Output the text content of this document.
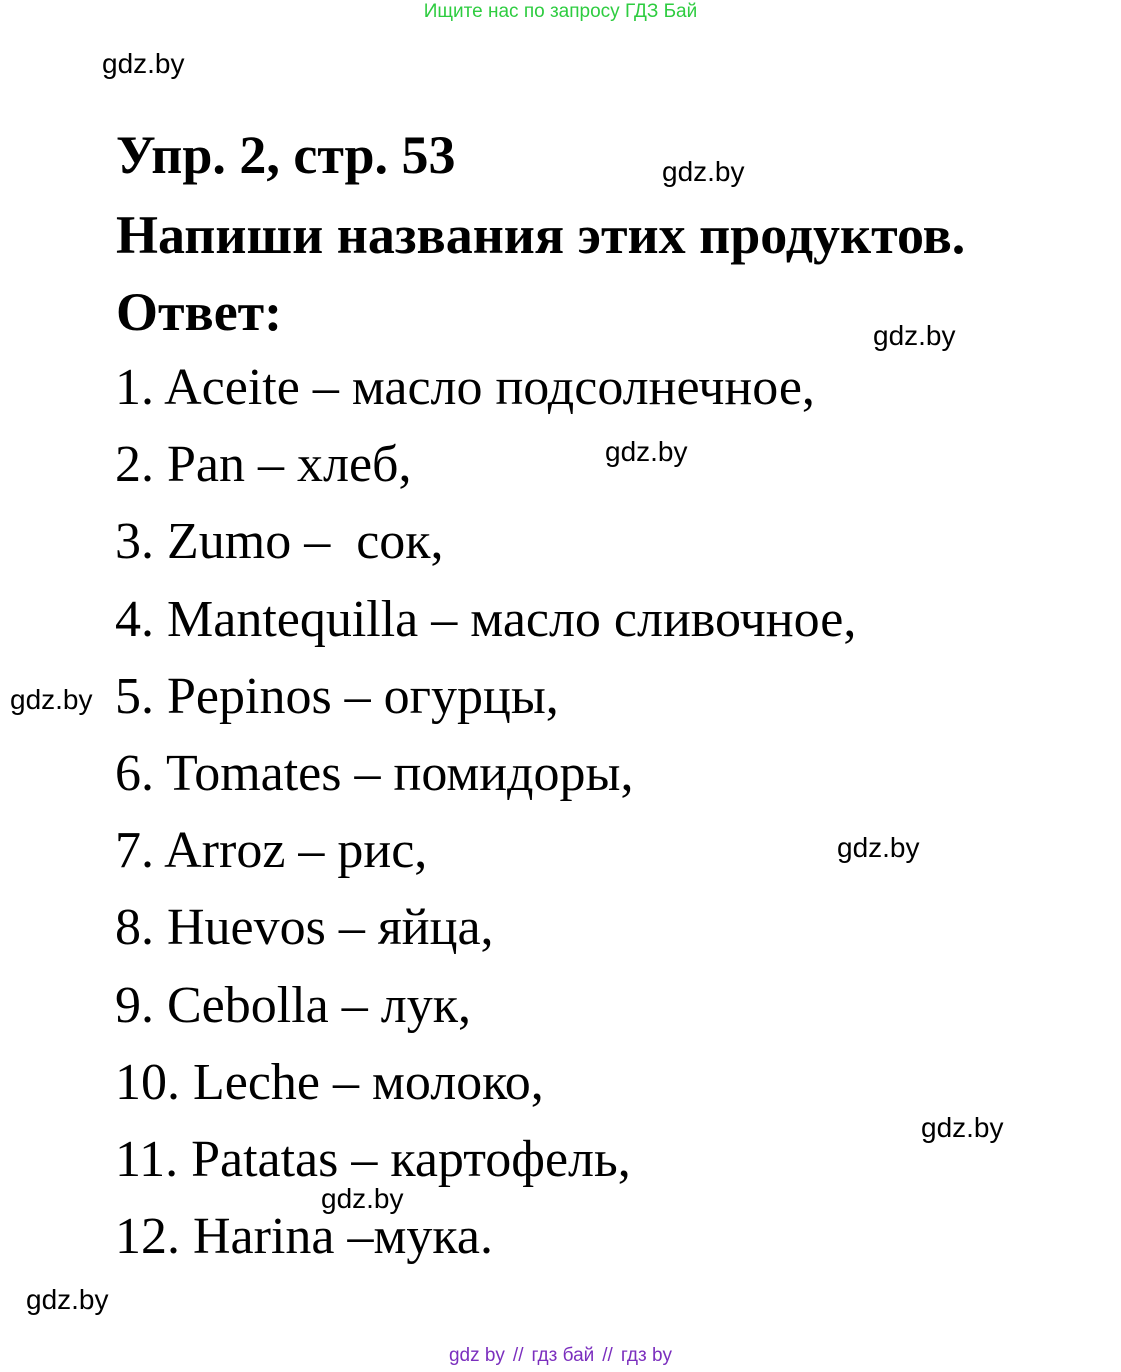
Ищите нас по запросу ГДЗ Бай
gdz.by
gdz.by
gdz.by
gdz.by
gdz.by
gdz.by
gdz.by
gdz.by
gdz.by
Упр. 2, стр. 53
Напиши названия этих продуктов.
Ответ:
1. Aceite – масло подсолнечное,
2. Pan – хлеб,
3. Zumo –  сок,
4. Mantequilla – масло сливочное,
5. Pepinos – огурцы,
6. Tomates – помидоры,
7. Arroz – рис,
8. Huevos – яйца,
9. Cebolla – лук,
10. Leche – молоко,
11. Patatas – картофель,
12. Harina –мука.
gdz by // гдз бай // гдз by
